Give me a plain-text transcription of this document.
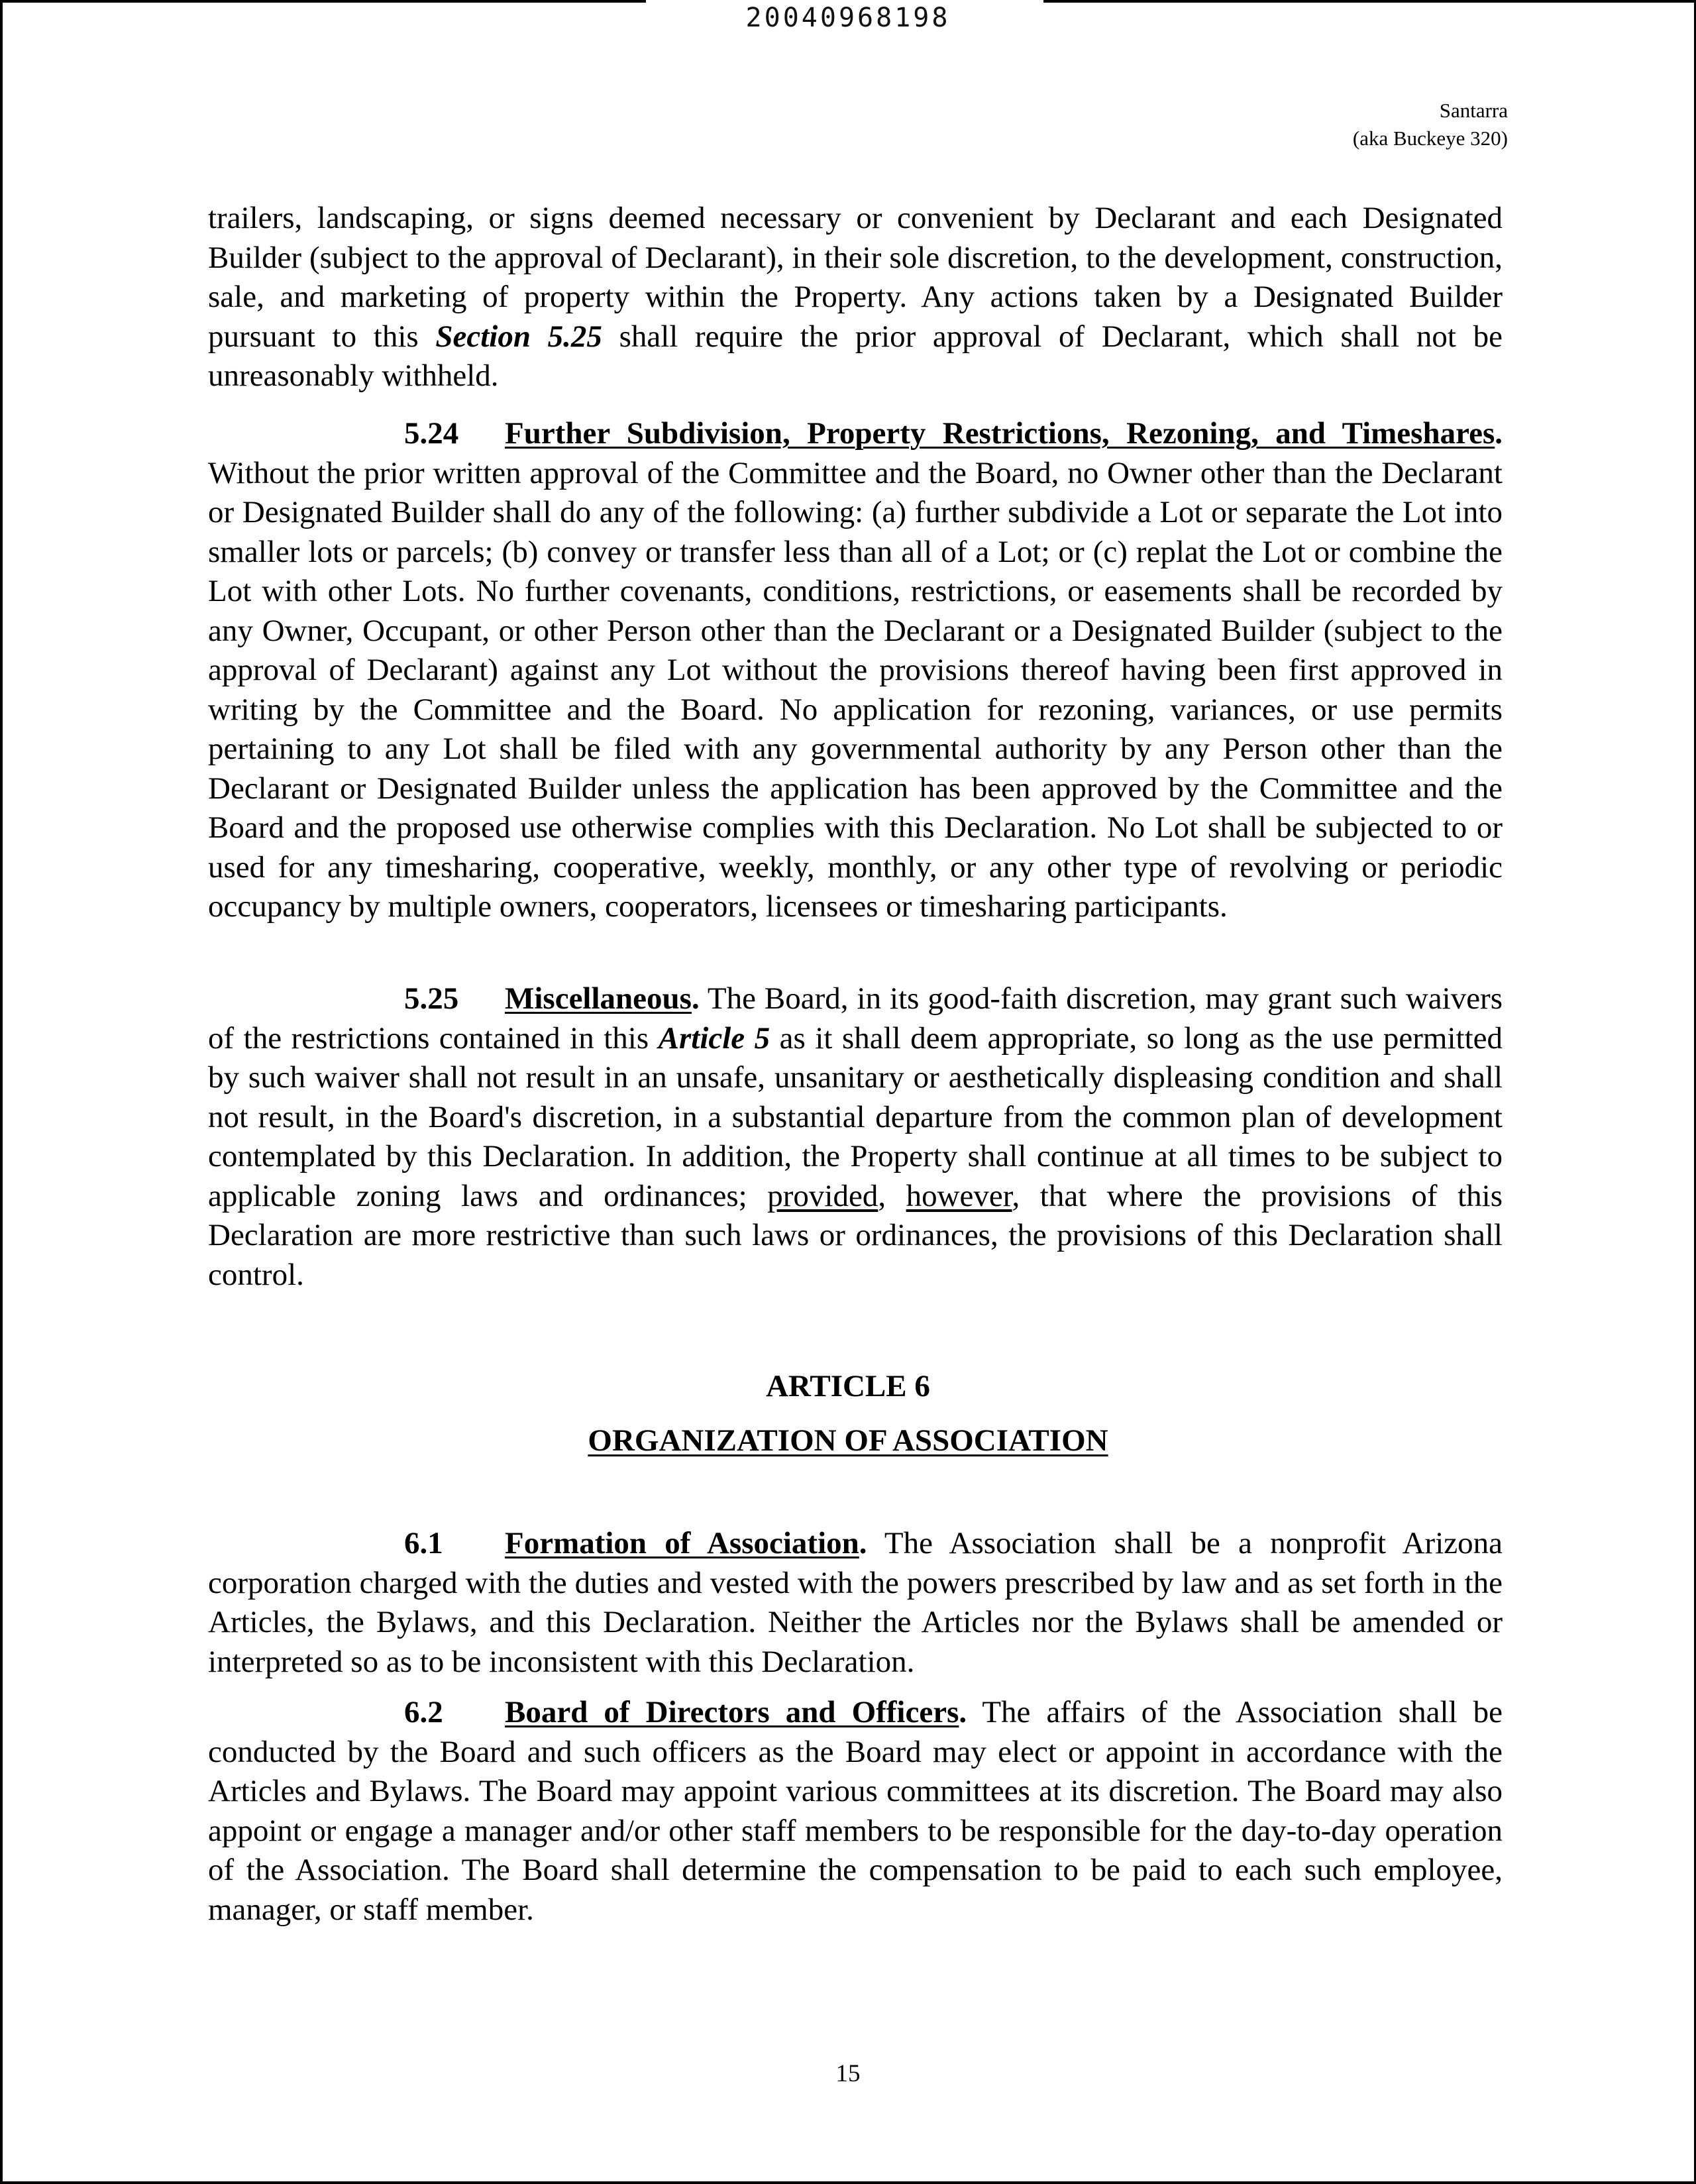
20040968198
Santarra
(aka Buckeye 320)

trailers, landscaping, or signs deemed necessary or convenient by Declarant and each Designated Builder (subject to the approval of Declarant), in their sole discretion, to the development, construction, sale, and marketing of property within the Property. Any actions taken by a Designated Builder pursuant to this Section 5.25 shall require the prior approval of Declarant, which shall not be unreasonably withheld.

5.24 Further Subdivision, Property Restrictions, Rezoning, and Timeshares. Without the prior written approval of the Committee and the Board, no Owner other than the Declarant or Designated Builder shall do any of the following: (a) further subdivide a Lot or separate the Lot into smaller lots or parcels; (b) convey or transfer less than all of a Lot; or (c) replat the Lot or combine the Lot with other Lots. No further covenants, conditions, restrictions, or easements shall be recorded by any Owner, Occupant, or other Person other than the Declarant or a Designated Builder (subject to the approval of Declarant) against any Lot without the provisions thereof having been first approved in writing by the Committee and the Board. No application for rezoning, variances, or use permits pertaining to any Lot shall be filed with any governmental authority by any Person other than the Declarant or Designated Builder unless the application has been approved by the Committee and the Board and the proposed use otherwise complies with this Declaration. No Lot shall be subjected to or used for any timesharing, cooperative, weekly, monthly, or any other type of revolving or periodic occupancy by multiple owners, cooperators, licensees or timesharing participants.

5.25 Miscellaneous. The Board, in its good-faith discretion, may grant such waivers of the restrictions contained in this Article 5 as it shall deem appropriate, so long as the use permitted by such waiver shall not result in an unsafe, unsanitary or aesthetically displeasing condition and shall not result, in the Board's discretion, in a substantial departure from the common plan of development contemplated by this Declaration. In addition, the Property shall continue at all times to be subject to applicable zoning laws and ordinances; provided, however, that where the provisions of this Declaration are more restrictive than such laws or ordinances, the provisions of this Declaration shall control.

ARTICLE 6
ORGANIZATION OF ASSOCIATION

6.1 Formation of Association. The Association shall be a nonprofit Arizona corporation charged with the duties and vested with the powers prescribed by law and as set forth in the Articles, the Bylaws, and this Declaration. Neither the Articles nor the Bylaws shall be amended or interpreted so as to be inconsistent with this Declaration.

6.2 Board of Directors and Officers. The affairs of the Association shall be conducted by the Board and such officers as the Board may elect or appoint in accordance with the Articles and Bylaws. The Board may appoint various committees at its discretion. The Board may also appoint or engage a manager and/or other staff members to be responsible for the day-to-day operation of the Association. The Board shall determine the compensation to be paid to each such employee, manager, or staff member.

15
